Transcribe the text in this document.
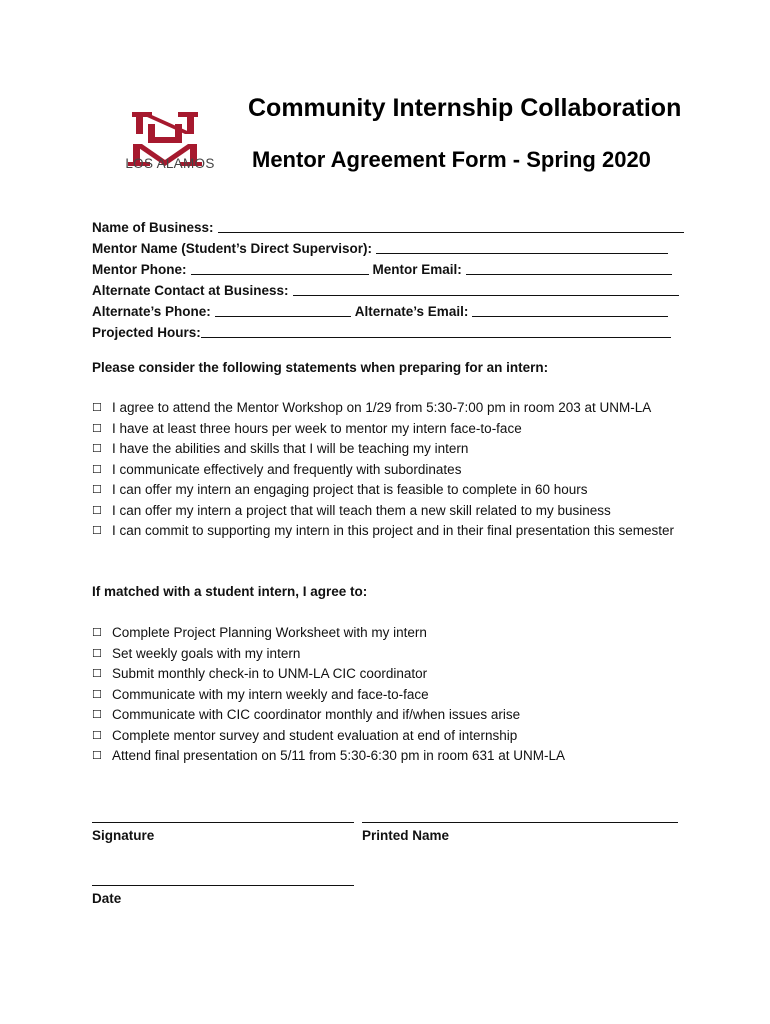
LOS ALAMOS
Community Internship Collaboration
Mentor Agreement Form - Spring 2020
Name of Business:
Mentor Name (Student’s Direct Supervisor):
Mentor Phone:	Mentor Email:
Alternate Contact at Business:
Alternate’s Phone:	Alternate’s Email:
Projected Hours:
Please consider the following statements when preparing for an intern:
☐ I agree to attend the Mentor Workshop on 1/29 from 5:30-7:00 pm in room 203 at UNM-LA
☐ I have at least three hours per week to mentor my intern face-to-face
☐ I have the abilities and skills that I will be teaching my intern
☐ I communicate effectively and frequently with subordinates
☐ I can offer my intern an engaging project that is feasible to complete in 60 hours
☐ I can offer my intern a project that will teach them a new skill related to my business
☐ I can commit to supporting my intern in this project and in their final presentation this semester
If matched with a student intern, I agree to:
☐ Complete Project Planning Worksheet with my intern
☐ Set weekly goals with my intern
☐ Submit monthly check-in to UNM-LA CIC coordinator
☐ Communicate with my intern weekly and face-to-face
☐ Communicate with CIC coordinator monthly and if/when issues arise
☐ Complete mentor survey and student evaluation at end of internship
☐ Attend final presentation on 5/11 from 5:30-6:30 pm in room 631 at UNM-LA
Signature	Printed Name
Date
